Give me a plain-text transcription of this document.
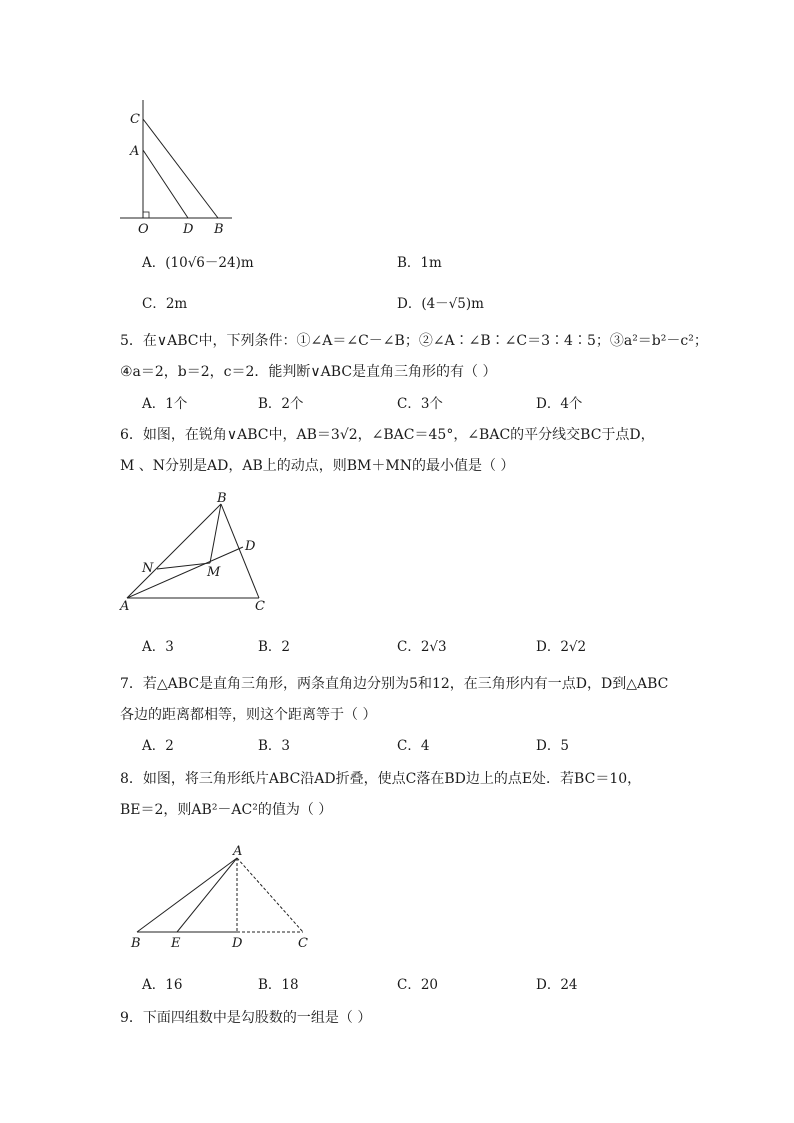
C
A
O	D B
A．(10√6－24)m	B．1m
C．2m	D．(4－√5)m
5．在∨ABC中，下列条件：①∠A＝∠C－∠B；②∠A∶∠B∶∠C＝3∶4∶5；③a²＝b²－c²；
④a＝2，b＝2，c＝2．能判断∨ABC是直角三角形的有（ ）
A．1个	B．2个	C．3个	D．4个
6．如图，在锐角∨ABC中，AB＝3√2，∠BAC＝45°，∠BAC的平分线交BC于点D，
M 、N分别是AD，AB上的动点，则BM＋MN的最小值是（ ）
B
D
N	M
A	C
A．3	B．2	C．2√3	D．2√2
7．若△ABC是直角三角形，两条直角边分别为5和12，在三角形内有一点D，D到△ABC
各边的距离都相等，则这个距离等于（ ）
A．2	B．3	C．4	D．5
8．如图，将三角形纸片ABC沿AD折叠，使点C落在BD边上的点E处．若BC＝10，
BE＝2，则AB²－AC²的值为（ ）
A
B E	D	C
A．16	B．18	C．20	D．24
9．下面四组数中是勾股数的一组是（ ）
